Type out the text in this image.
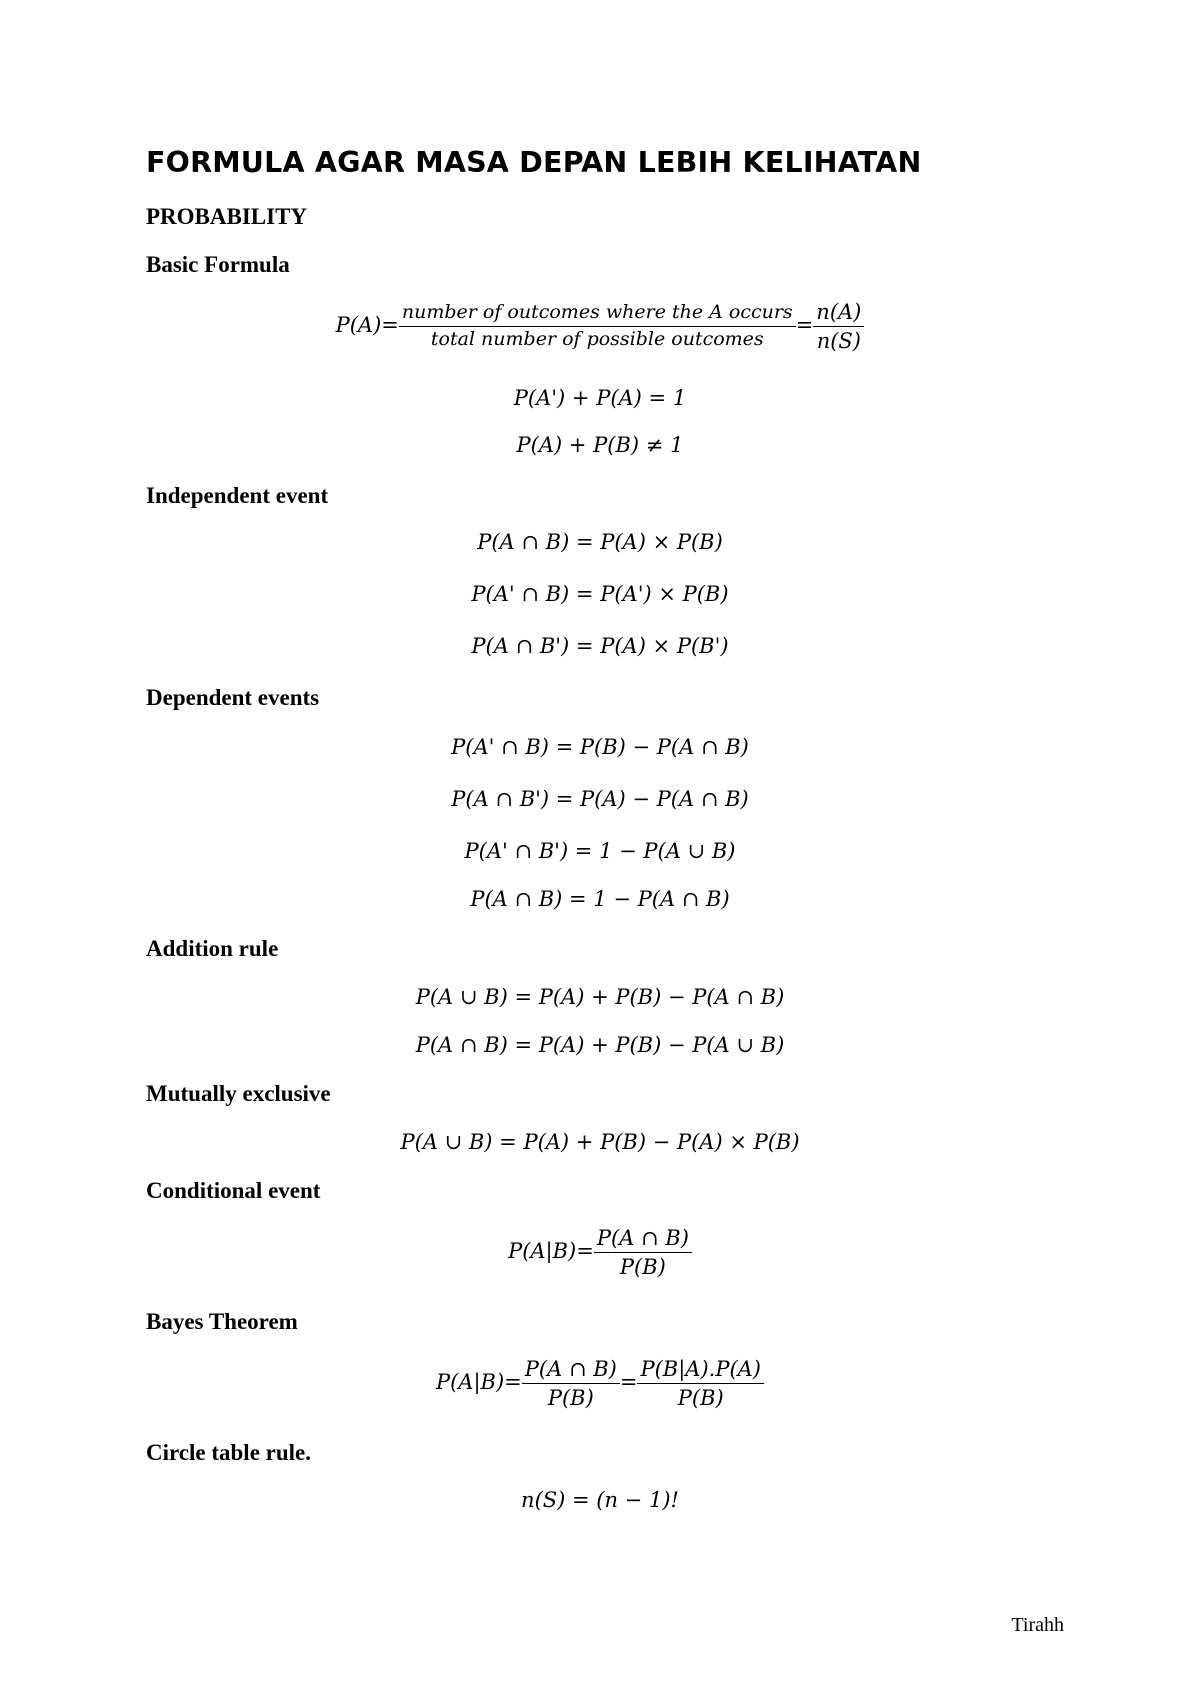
FORMULA AGAR MASA DEPAN LEBIH KELIHATAN
PROBABILITY
Basic Formula
$P(A)= \frac{\text{number of outcomes where the A occurs}}{\text{total number of possible outcomes}} = \frac{n(A)}{n(S)}$
P(A') + P(A) = 1
P(A) + P(B) ≠ 1
Independent event
P(A ∩ B) = P(A) × P(B)
P(A' ∩ B) = P(A') × P(B)
P(A ∩ B') = P(A) × P(B')
Dependent events
P(A' ∩ B) = P(B) − P(A ∩ B)
P(A ∩ B') = P(A) − P(A ∩ B)
P(A' ∩ B') = 1 − P(A ∪ B)
P(A ∩ B) = 1 − P(A ∩ B)
Addition rule
P(A ∪ B) = P(A) + P(B) − P(A ∩ B)
P(A ∩ B) = P(A) + P(B) − P(A ∪ B)
Mutually exclusive
P(A ∪ B) = P(A) + P(B) − P(A) × P(B)
Conditional event
$P(A|B)= \frac{P(A \cap B)}{P(B)}$
Bayes Theorem
$P(A|B)= \frac{P(A \cap B)}{P(B)} = \frac{P(B|A).P(A)}{P(B)}$
Circle table rule.
n(S) = (n − 1)!
Tirahh
